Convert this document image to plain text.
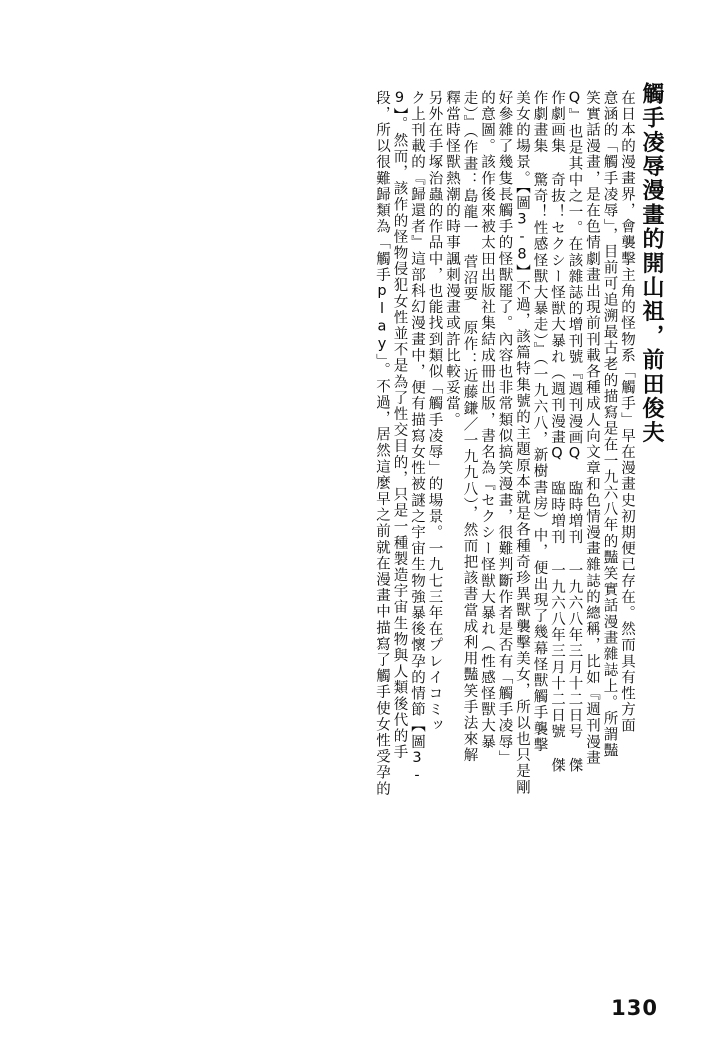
觸手凌辱漫畫的開山祖，前田俊夫
在日本的漫畫界，會襲擊主角的怪物系「觸手」早在漫畫史初期便已存在。然而具有性方面
意涵的「觸手凌辱」，目前可追溯最古老的描寫是在一九六八年的豔笑實話漫畫雜誌上。所謂豔
笑實話漫畫，是在色情劇畫出現前刊載各種成人向文章和色情漫畫雜誌的總稱，比如『週刊漫畫
Q』也是其中之一。在該雜誌的增刊號『週刊漫画Q 臨時増刊 一九六八年三月十二日号 傑
作劇画集 奇抜！セクシー怪獣大暴れ（週刊漫畫Q 臨時増刊 一九六八年三月十二日號 傑
作劇畫集 驚奇！性感怪獸大暴走）』（一九六八，新樹書房）中，便出現了幾幕怪獸觸手襲擊
美女的場景。【圖3-8】不過，該篇特集號的主題原本就是各種奇珍異獸襲擊美女，所以也只是剛
好參雜了幾隻長觸手的怪獸罷了。內容也非常類似搞笑漫畫，很難判斷作者是否有「觸手凌辱」
的意圖。該作後來被太田出版社集結成冊出版，書名為『セクシー怪獣大暴れ（性感怪獸大暴
走）』（作畫：島龍一 菅沼要 原作：近藤鎌／一九九八），然而把該書當成利用豔笑手法來解
釋當時怪獸熱潮的時事諷刺漫畫或許比較妥當。
另外在手塚治蟲的作品中，也能找到類似「觸手凌辱」的場景。一九七三年在プレイコミッ
ク上刊載的『歸還者』這部科幻漫畫中，便有描寫女性被謎之宇宙生物強暴後懷孕的情節【圖3-
9】。然而，該作的怪物侵犯女性並不是為了性交目的，只是一種製造宇宙生物與人類後代的手
段，所以很難歸類為「觸手play」。不過，居然這麼早之前就在漫畫中描寫了觸手使女性受孕的
130
